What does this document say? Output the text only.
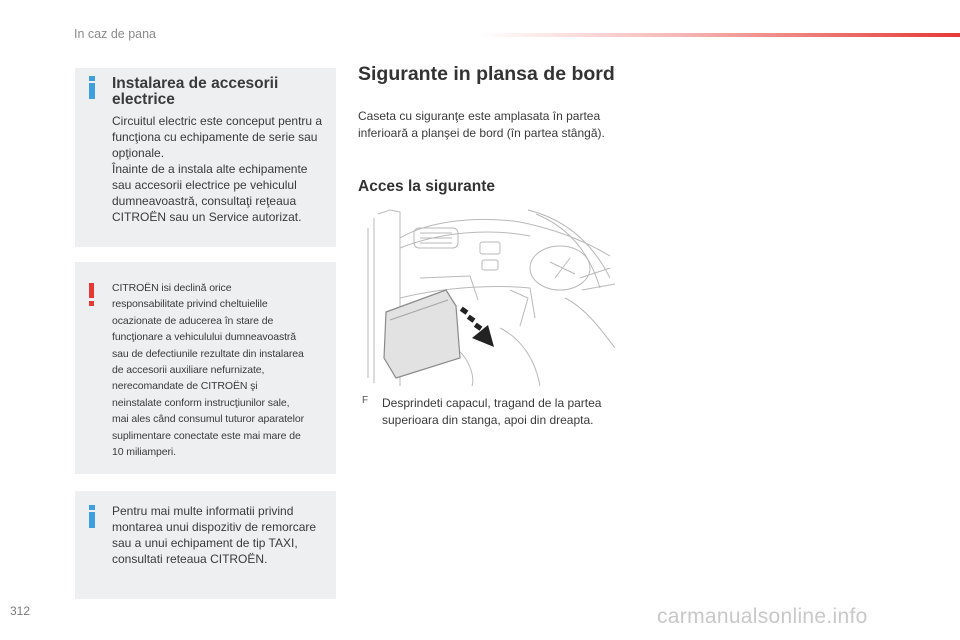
In caz de pana
Instalarea de accesorii
electrice
Circuitul electric este conceput pentru a
funcţiona cu echipamente de serie sau
opţionale.
Înainte de a instala alte echipamente
sau accesorii electrice pe vehiculul
dumneavoastră, consultaţi reţeaua
CITROËN sau un Service autorizat.
CITROËN isi declină orice
responsabilitate privind cheltuielile
ocazionate de aducerea în stare de
funcţionare a vehiculului dumneavoastră
sau de defectiunile rezultate din instalarea
de accesorii auxiliare nefurnizate,
nerecomandate de CITROËN şi
neinstalate conform instrucţiunilor sale,
mai ales când consumul tuturor aparatelor
suplimentare conectate este mai mare de
10 miliamperi.
Pentru mai multe informatii privind
montarea unui dispozitiv de remorcare
sau a unui echipament de tip TAXI,
consultati reteaua CITROËN.
Sigurante in plansa de bord
Caseta cu siguranţe este amplasata în partea
inferioară a planşei de bord (în partea stângă).
Acces la sigurante
F Desprindeti capacul, tragand de la partea
superioara din stanga, apoi din dreapta.
312	carmanualsonline.info
